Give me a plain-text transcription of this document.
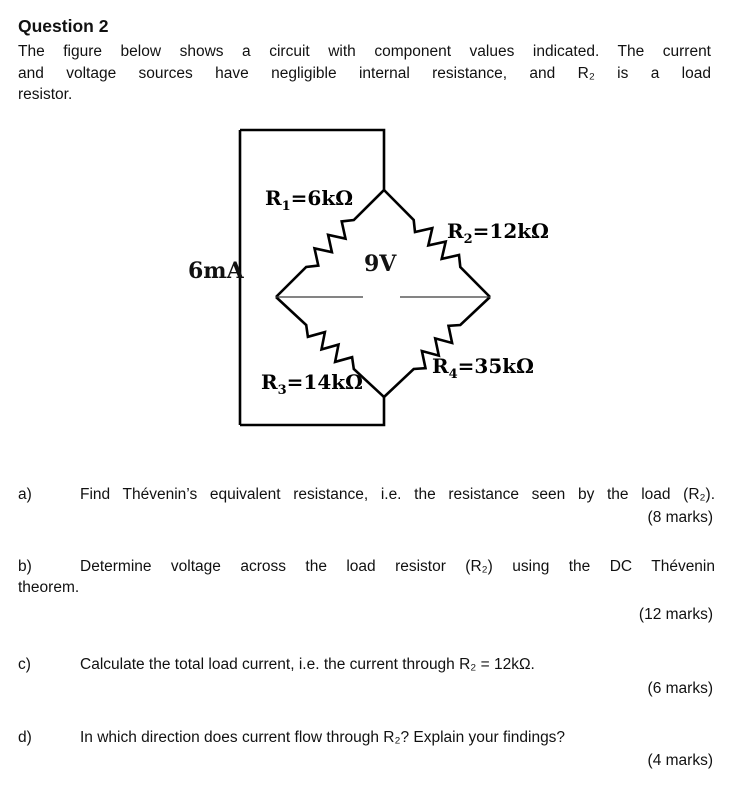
Question 2
The figure below shows a circuit with component values indicated. The current
and voltage sources have negligible internal resistance, and R₂ is a load
resistor.
$R_1=6k\Omega$
$R_2=12k\Omega$
$R_3=14k\Omega$
$R_4=35k\Omega$
9V
6mA
a)	Find Thévenin’s equivalent resistance, i.e. the resistance seen by the load (R₂).
(8 marks)
b)	Determine voltage across the load resistor (R₂) using the DC Thévenin
theorem.
(12 marks)
c)	Calculate the total load current, i.e. the current through R₂ = 12kΩ.
(6 marks)
d)	In which direction does current flow through R₂? Explain your findings?
(4 marks)
